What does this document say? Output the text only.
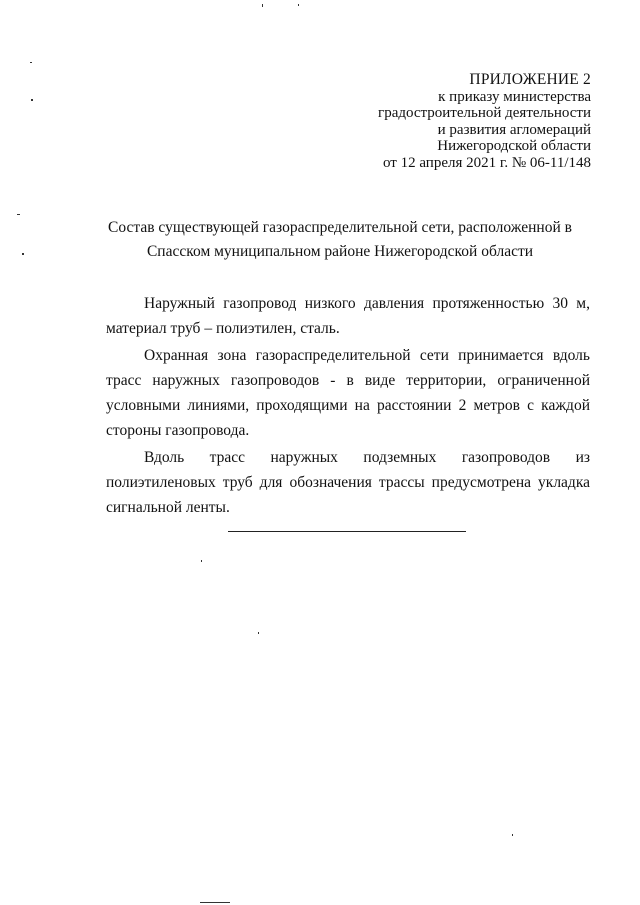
ПРИЛОЖЕНИЕ 2
к приказу министерства
градостроительной деятельности
и развития агломераций
Нижегородской области
от 12 апреля 2021 г. № 06-11/148
Состав существующей газораспределительной сети, расположенной в
Спасском муниципальном районе Нижегородской области

Наружный газопровод низкого давления протяженностью 30 м, материал труб – полиэтилен, сталь.

Охранная зона газораспределительной сети принимается вдоль трасс наружных газопроводов - в виде территории, ограниченной условными линиями, проходящими на расстоянии 2 метров с каждой стороны газопровода.

Вдоль трасс наружных подземных газопроводов из полиэтиленовых труб для обозначения трассы предусмотрена укладка сигнальной ленты.
